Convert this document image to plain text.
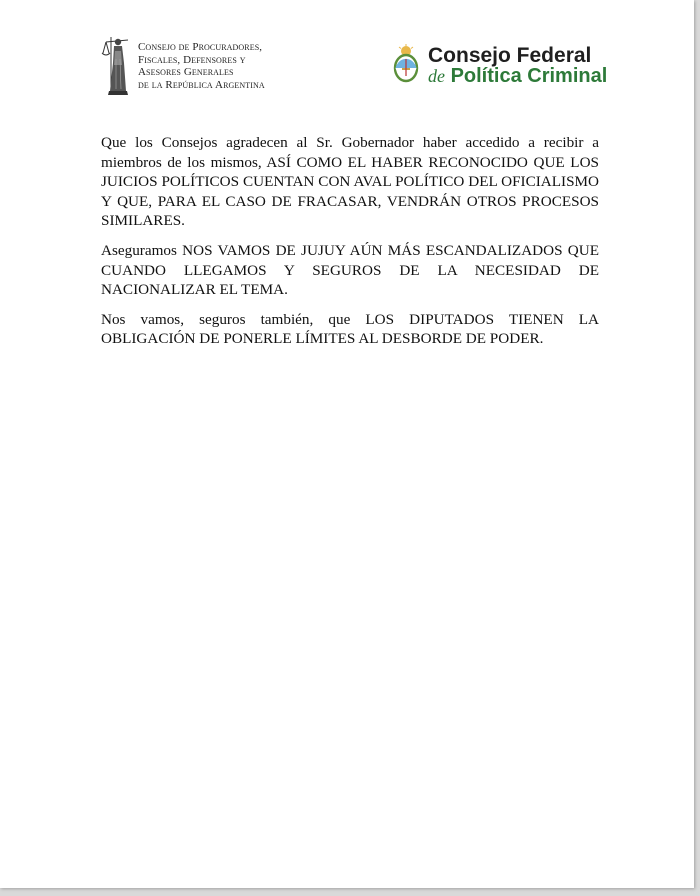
Consejo de Procuradores,
Fiscales, Defensores y
Asesores Generales
de la República Argentina
Consejo Federal
de Política Criminal

Que los Consejos agradecen al Sr. Gobernador haber accedido a recibir a miembros de los mismos, ASÍ COMO EL HABER RECONOCIDO QUE LOS JUICIOS POLÍTICOS CUENTAN CON AVAL POLÍTICO DEL OFICIALISMO Y QUE, PARA EL CASO DE FRACASAR, VENDRÁN OTROS PROCESOS SIMILARES.

Aseguramos NOS VAMOS DE JUJUY AÚN MÁS ESCANDALIZADOS QUE CUANDO LLEGAMOS Y SEGUROS DE LA NECESIDAD DE NACIONALIZAR EL TEMA.

Nos vamos, seguros también, que LOS DIPUTADOS TIENEN LA OBLIGACIÓN DE PONERLE LÍMITES AL DESBORDE DE PODER.
